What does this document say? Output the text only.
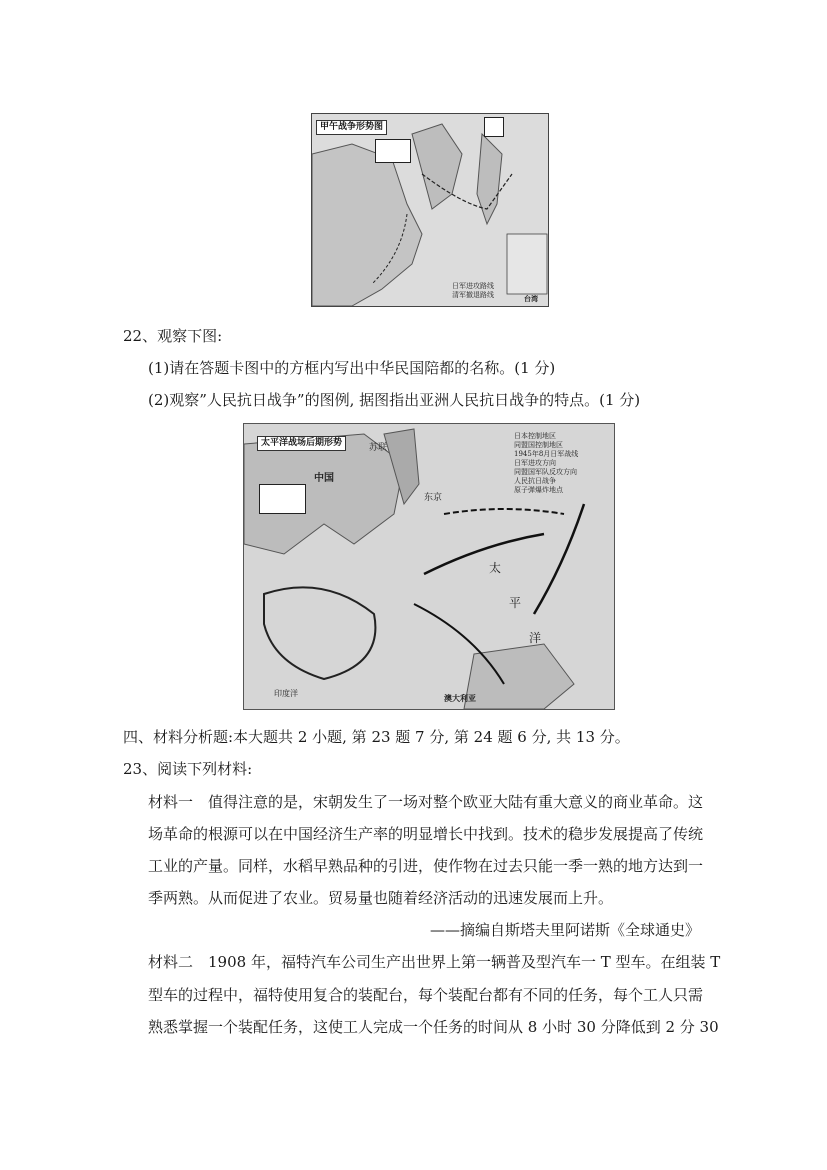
甲午战争形势图
日军进攻路线
清军撤退路线	台湾
22、观察下图:
(1)请在答题卡图中的方框内写出中华民国陪都的名称。(1 分)
(2)观察”人民抗日战争”的图例, 据图指出亚洲人民抗日战争的特点。(1 分)
太平洋战场后期形势
日本控制地区
同盟国控制地区
1945年8月日军战线
日军进攻方向
同盟国军队反攻方向
人民抗日战争
原子弹爆炸地点
中国
苏联
东京
太
平
洋
印度洋	澳大利亚
四、材料分析题:本大题共 2 小题, 第 23 题 7 分, 第 24 题 6 分, 共 13 分。
23、阅读下列材料:
材料一　值得注意的是，宋朝发生了一场对整个欧亚大陆有重大意义的商业革命。这
场革命的根源可以在中国经济生产率的明显增长中找到。技术的稳步发展提高了传统
工业的产量。同样，水稻早熟品种的引进，使作物在过去只能一季一熟的地方达到一
季两熟。从而促进了农业。贸易量也随着经济活动的迅速发展而上升。
——摘编自斯塔夫里阿诺斯《全球通史》
材料二　1908 年，福特汽车公司生产出世界上第一辆普及型汽车一 T 型车。在组装 T
型车的过程中，福特使用复合的装配台，每个装配台都有不同的任务，每个工人只需
熟悉掌握一个装配任务，这使工人完成一个任务的时间从 8 小时 30 分降低到 2 分 30
